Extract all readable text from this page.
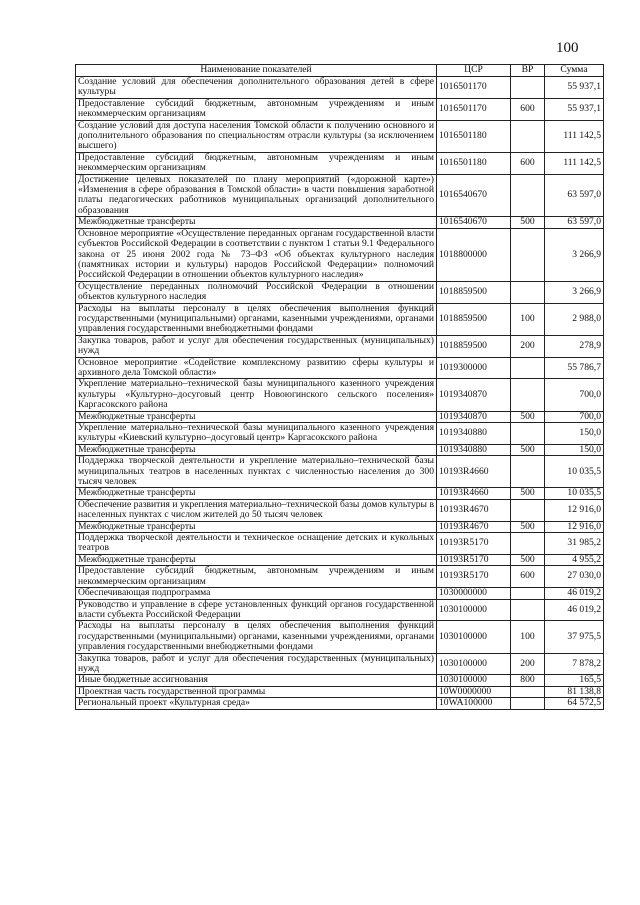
100
Наименование показателей	ЦСР	ВР	Сумма
Создание условий для обеспечения дополнительного образования детей в сфере культуры	1016501170		55 937,1
Предоставление субсидий бюджетным, автономным учреждениям и иным некоммерческим организациям	1016501170	600	55 937,1
Создание условий для доступа населения Томской области к получению основного и дополнительного образования по специальностям отрасли культуры (за исключением высшего)	1016501180		111 142,5
Предоставление субсидий бюджетным, автономным учреждениям и иным некоммерческим организациям	1016501180	600	111 142,5
Достижение целевых показателей по плану мероприятий («дорожной карте») «Изменения в сфере образования в Томской области» в части повышения заработной платы педагогических работников муниципальных организаций дополнительного образования	1016540670		63 597,0
Межбюджетные трансферты	1016540670	500	63 597,0
Основное мероприятие «Осуществление переданных органам государственной власти субъектов Российской Федерации в соответствии с пунктом 1 статьи 9.1 Федерального закона от 25 июня 2002 года № 73–ФЗ «Об объектах культурного наследия (памятниках истории и культуры) народов Российской Федерации» полномочий Российской Федерации в отношении объектов культурного наследия»	1018800000		3 266,9
Осуществление переданных полномочий Российской Федерации в отношении объектов культурного наследия	1018859500		3 266,9
Расходы на выплаты персоналу в целях обеспечения выполнения функций государственными (муниципальными) органами, казенными учреждениями, органами управления государственными внебюджетными фондами	1018859500	100	2 988,0
Закупка товаров, работ и услуг для обеспечения государственных (муниципальных) нужд	1018859500	200	278,9
Основное мероприятие «Содействие комплексному развитию сферы культуры и архивного дела Томской области»	1019300000		55 786,7
Укрепление материально–технической базы муниципального казенного учреждения культуры «Культурно–досуговый центр Новоюгинского сельского поселения» Каргасокского района	1019340870		700,0
Межбюджетные трансферты	1019340870	500	700,0
Укрепление материально–технической базы муниципального казенного учреждения культуры «Киевский культурно–досуговый центр» Каргасокского района	1019340880		150,0
Межбюджетные трансферты	1019340880	500	150,0
Поддержка творческой деятельности и укрепление материально–технической базы муниципальных театров в населенных пунктах с численностью населения до 300 тысяч человек	10193R4660		10 035,5
Межбюджетные трансферты	10193R4660	500	10 035,5
Обеспечение развития и укрепления материально–технической базы домов культуры в населенных пунктах с числом жителей до 50 тысяч человек	10193R4670		12 916,0
Межбюджетные трансферты	10193R4670	500	12 916,0
Поддержка творческой деятельности и техническое оснащение детских и кукольных театров	10193R5170		31 985,2
Межбюджетные трансферты	10193R5170	500	4 955,2
Предоставление субсидий бюджетным, автономным учреждениям и иным некоммерческим организациям	10193R5170	600	27 030,0
Обеспечивающая подпрограмма	1030000000		46 019,2
Руководство и управление в сфере установленных функций органов государственной власти субъекта Российской Федерации	1030100000		46 019,2
Расходы на выплаты персоналу в целях обеспечения выполнения функций государственными (муниципальными) органами, казенными учреждениями, органами управления государственными внебюджетными фондами	1030100000	100	37 975,5
Закупка товаров, работ и услуг для обеспечения государственных (муниципальных) нужд	1030100000	200	7 878,2
Иные бюджетные ассигнования	1030100000	800	165,5
Проектная часть государственной программы	10W0000000		81 138,8
Региональный проект «Культурная среда»	10WA100000		64 572,5
